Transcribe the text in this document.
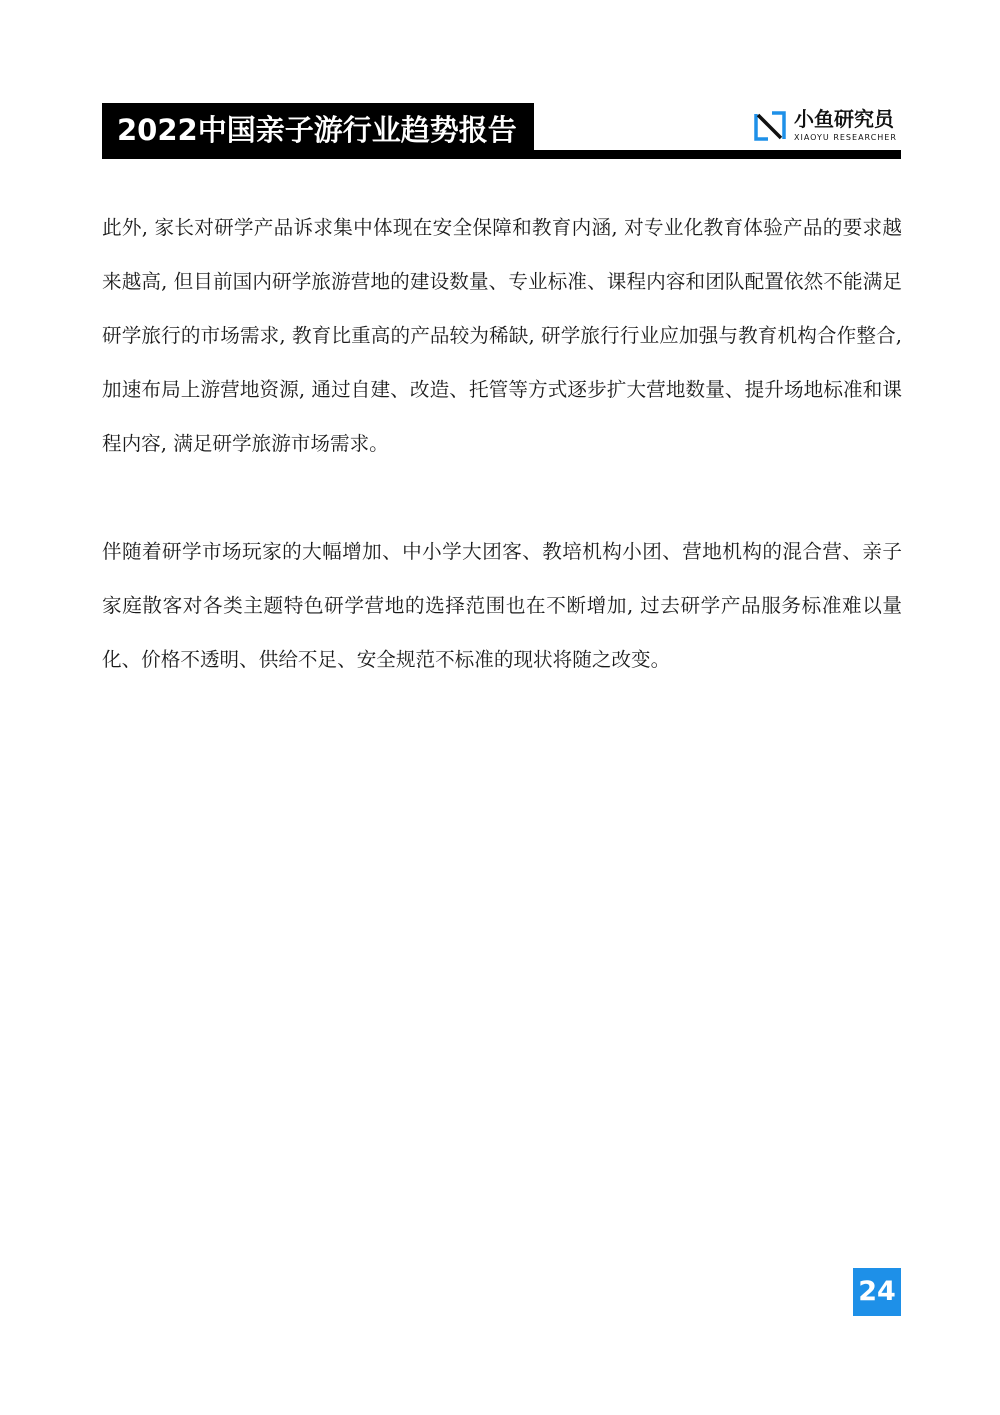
2022中国亲子游行业趋势报告	小鱼研究员
XIAOYU RESEARCHER

此外, 家长对研学产品诉求集中体现在安全保障和教育内涵, 对专业化教育体验产品的要求越来越高, 但目前国内研学旅游营地的建设数量、专业标准、课程内容和团队配置依然不能满足研学旅行的市场需求, 教育比重高的产品较为稀缺, 研学旅行行业应加强与教育机构合作整合, 加速布局上游营地资源, 通过自建、改造、托管等方式逐步扩大营地数量、提升场地标准和课程内容, 满足研学旅游市场需求。

伴随着研学市场玩家的大幅增加、中小学大团客、教培机构小团、营地机构的混合营、亲子家庭散客对各类主题特色研学营地的选择范围也在不断增加, 过去研学产品服务标准难以量化、价格不透明、供给不足、安全规范不标准的现状将随之改变。

24
